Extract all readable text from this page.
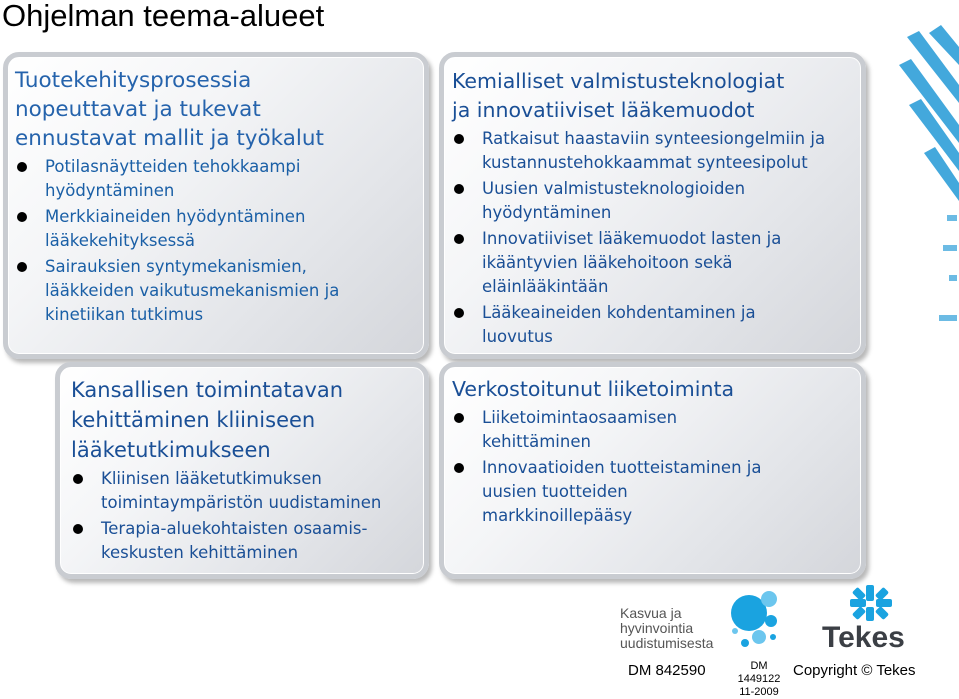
Ohjelman teema-alueet
Tuotekehitysprosessia
nopeuttavat ja tukevat
ennustavat mallit ja työkalut
Potilasnäytteiden tehokkaampi
hyödyntäminen
Merkkiaineiden hyödyntäminen
lääkekehityksessä
Sairauksien syntymekanismien,
lääkkeiden vaikutusmekanismien ja
kinetiikan tutkimus
Kemialliset valmistusteknologiat
ja innovatiiviset lääkemuodot
Ratkaisut haastaviin synteesiongelmiin ja
kustannustehokkaammat synteesipolut
Uusien valmistusteknologioiden
hyödyntäminen
Innovatiiviset lääkemuodot lasten ja
ikääntyvien lääkehoitoon sekä
eläinlääkintään
Lääkeaineiden kohdentaminen ja
luovutus
Kansallisen toimintatavan
kehittäminen kliiniseen
lääketutkimukseen
Kliinisen lääketutkimuksen
toimintaympäristön uudistaminen
Terapia-aluekohtaisten osaamis-
keskusten kehittäminen
Verkostoitunut liiketoiminta
Liiketoimintaosaamisen
kehittäminen
Innovaatioiden tuotteistaminen ja
uusien tuotteiden
markkinoillepääsy
Kasvua ja
hyvinvointia
uudistumisesta	Tekes
DM 842590	DM
1449122
11-2009
Copyright © Tekes
